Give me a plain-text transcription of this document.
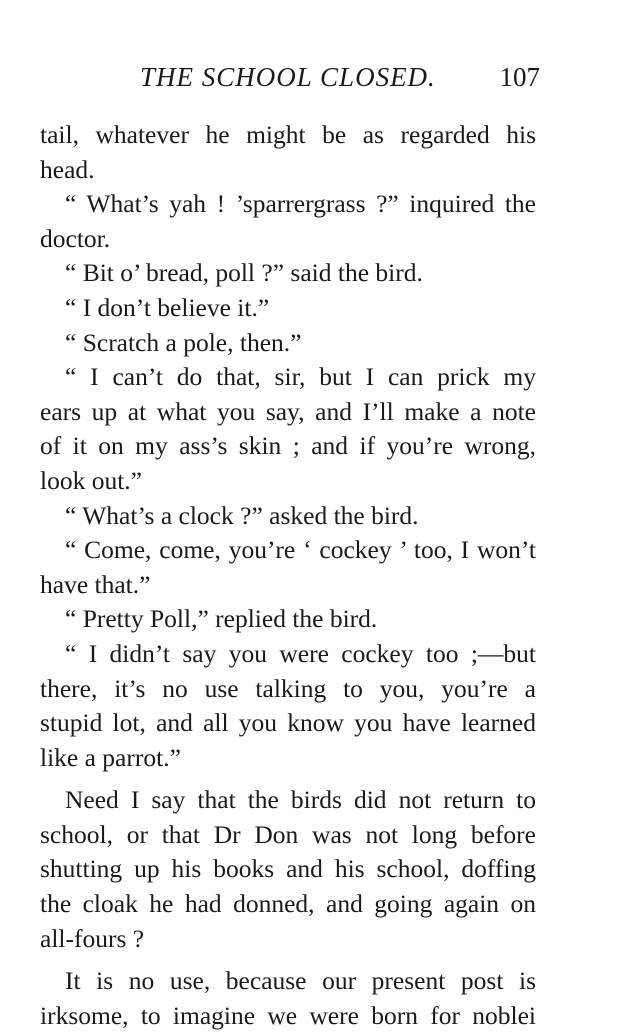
THE SCHOOL CLOSED. 107
tail, whatever he might be as regarded his
head.
“ What’s yah ! ’sparrergrass ?” inquired the
doctor.
“ Bit o’ bread, poll ?” said the bird.
“ I don’t believe it.”
“ Scratch a pole, then.”
“ I can’t do that, sir, but I can prick my
ears up at what you say, and I’ll make a note
of it on my ass’s skin ; and if you’re wrong,
look out.”
“ What’s a clock ?” asked the bird.
“ Come, come, you’re ‘ cockey ’ too, I won’t
have that.”
“ Pretty Poll,” replied the bird.
“ I didn’t say you were cockey too ;—but
there, it’s no use talking to you, you’re a
stupid lot, and all you know you have learned
like a parrot.”
Need I say that the birds did not return to
school, or that Dr Don was not long before
shutting up his books and his school, doffing
the cloak he had donned, and going again on
all-fours ?
It is no use, because our present post is
irksome, to imagine we were born for noblei
